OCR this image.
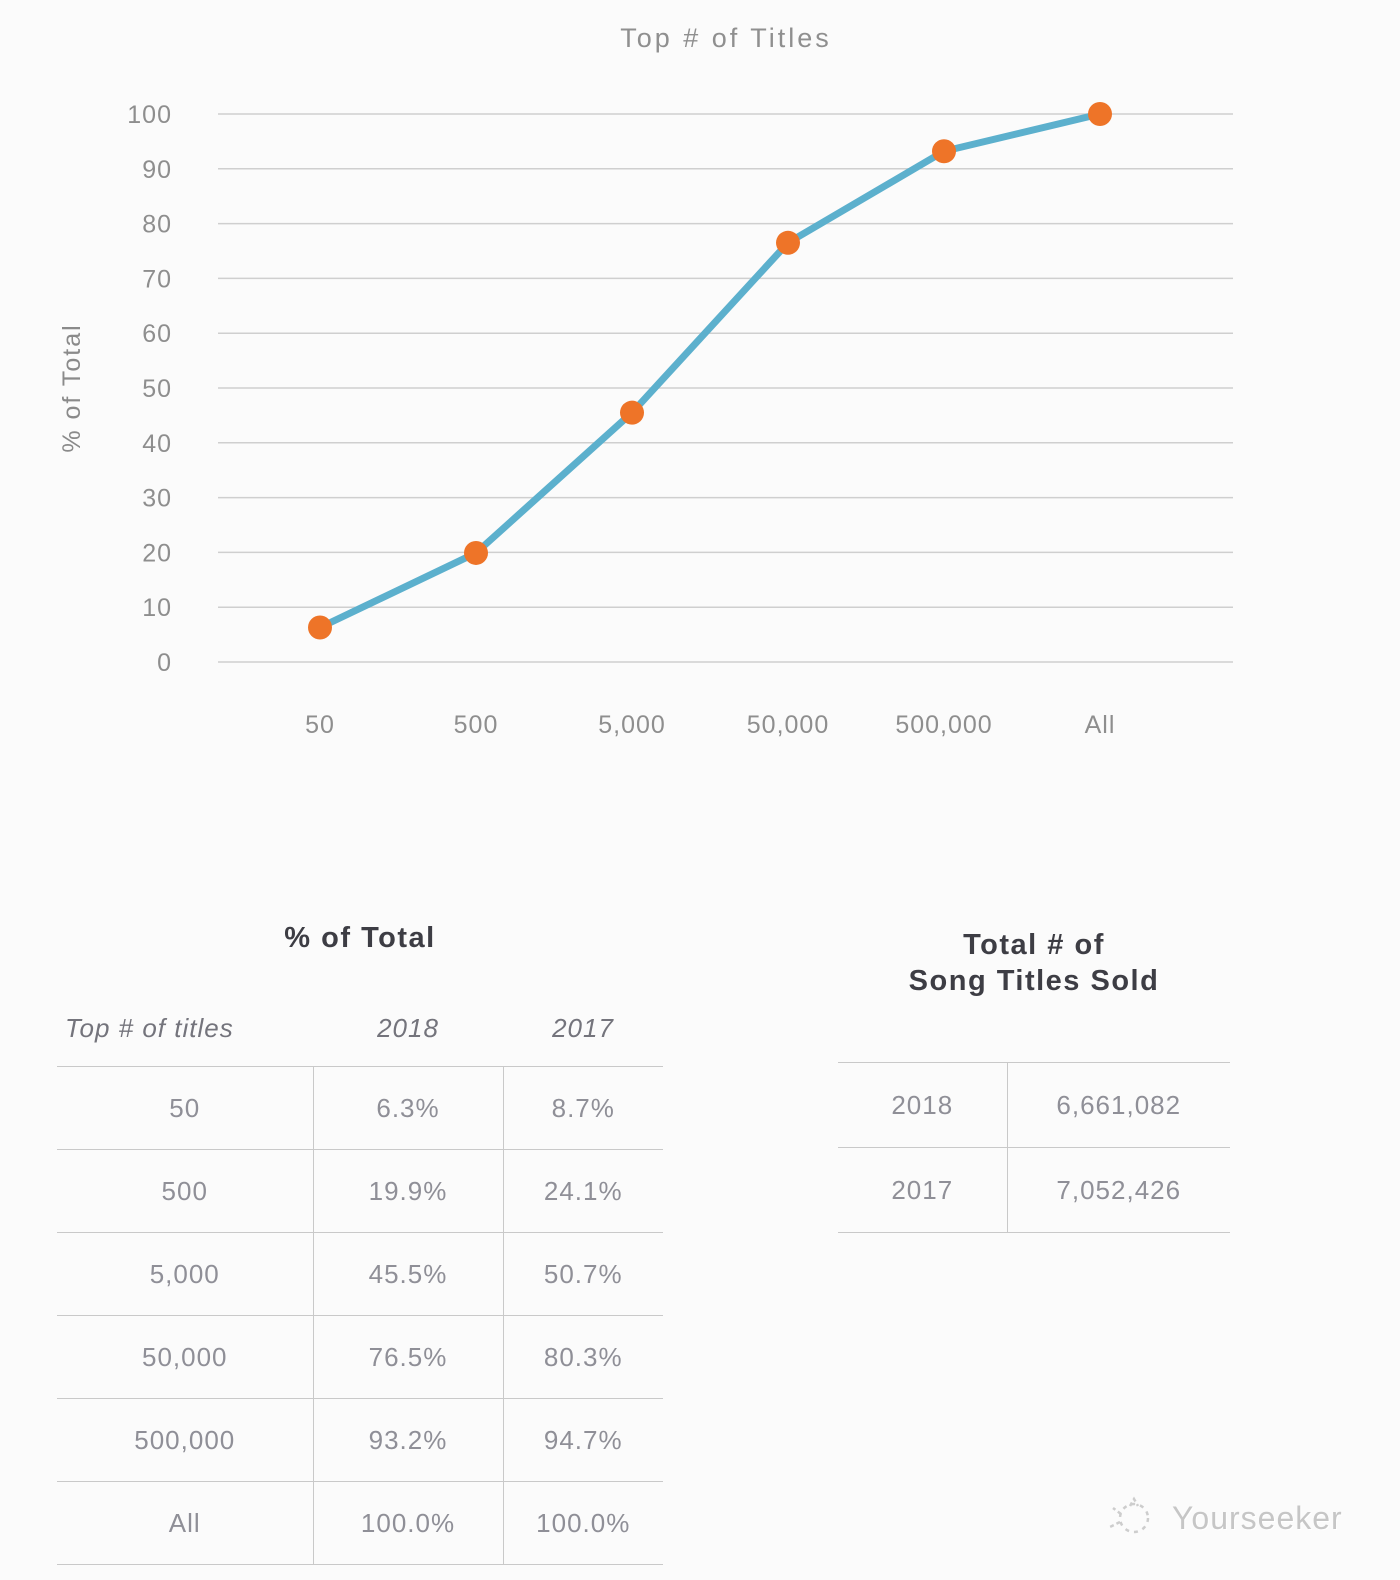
Top # of Titles
% of Total
0
10
20
30
40
50
60
70
80
90
100
50	500	5,000	50,000	500,000	All
% of Total
Top # of titles	2018	2017
50	6.3%	8.7%
500	19.9%	24.1%
5,000	45.5%	50.7%
50,000	76.5%	80.3%
500,000	93.2%	94.7%
All	100.0%	100.0%
Total # of
Song Titles Sold
2018	6,661,082
2017	7,052,426
Yourseeker
